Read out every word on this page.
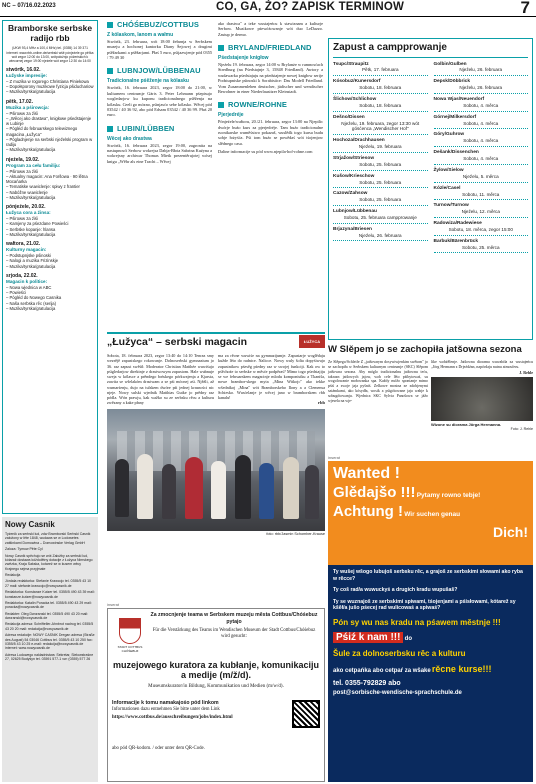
NC – 07/16.02.2023	CO, GA, ŹO? ZAPISK TERMINOW	7
Bramborske serbske radijo rbb
(UKW 93,4 MHz a 100,4 MHz) tel. (0355) 14 39 371
internet: www.rbb-online.de/serbski wšě pónjeźele go pěťka wót zegor 12:00 do 13:00, wótpołožnjo póžeńskich k wiecornej zegor 19:00 njeźele wót zegor 12:30 do 14:00
stwórtk, 16.02.
Łužyske impresije:
– Z muzika w rogorego Christiana Piniekowa
– Dopołsporony muzikowe fyzicja pśiduchariow
– Muzika/tyrska/gratulacija
pětk, 17.02.
Muzika a pśirowcja:
– Pśiroww za źiśi
– „Wěcej ako drastwa", knigłowe pśedstajenje w Lubinje
– Pógléd do februarskego telewiznego magacina „Łužyca"
– Pógladnjenje na serbski njeźelski program w radiju
– Muzika/tyrska/gratulacija
njeźela, 19.02.
Program za cełu familiju:
– Pśiroww za źiśi
– Aktualny magacin: Ana Foršowa · 90 lětna Mocańarka
– Tematiske wuwiclenje: spiwy z frantier
– Nabóžne wuwiclenje
– Muzika/tyrska/gratulacija
pónjeźele, 20.02.
Łužyca cora a źinsa:
– Pśiroww za źiśi
– Kamjeny za pśezdane Powieści
– Serbske kopanje: hlansa
– Muzika/tyrska/gratulacija
wałtora, 21.02.
Kulturny magacin:
– Podstupnjske pśinoski
– Nalogi a muzika Frizinskje
– Muzika/tyrska/gratulacija
srjoda, 22.02.
Magacin k politice:
– Nowa wjednica w ABC
– Powieści
– Pógléd do Nowego Casnika
– Naša serbska rěc (serija)
– Muzika/tyrska/gratulacija
Nowy Casnik
Tyźenik za serbski lud, zdw Bramborski Serbski Casnik załožony w lěte 1848, wudawa se w Lodowetes zatšinkami Domowina – Domowinske Verlag GmbH
Zaloza: Tymow Pěte Cyl
Nowy Casnik spěchujo se wót Załožby za serbski lud, kótaraž dostawa kóždolětny dotacije z Łužyca Nimskego zwězka, Kraja Sakska, kotarež se w kusem wěcy Krajnego sejma przyjmate
Redakcija
Jórdala redaktorka: Stefanie Krawcojc tel. 0355/5 43 10 27 mail: stefanie.krawcojc@nowycasnik.de
Redaktorka: Konstanze Kutzer tel. 0355/5 490 43 39 mail: konstanze.kutzer@nowycasnik.de
Redaktorka: Katalin Poracka tel. 0355/5 490 43 29 mail: poracka@nowycasnik.de
Redakter: Oleg Dworanski tel. 0355/5 490 43 20 mail: dworanski@nowycasnik.de
Redakcija adresa: Schrifteller-Ahnbrot nadrog tel. 0355/5 43 20 20 mail: redakcija@nowycasnik.de
Adresa redakcije: NOWY CASNIK Dregan adresa (Straße des August) 54 03046 Cottbus tel. 0355/5 43 10 250 fax: 0355/5 43 10 25 e-mail: redakcija@nowycasnik.de internet: www.nowycasnik.de
Adresa Ludowego nakładnistwa: Sekretar, Sielowstrašne 27, 02625 Budyšyn tel. 03591 577-1 vw: (0355) 577 26
CHÓŚEBUZ/COTTBUS
Z kólaskom, lanom a wałmu

Stwórtk, 23. februara, wót 18:00 žełarnja w Serbskem muzeju a hochonej kantorku Diany Šejowej a drugimi pśěžarkami a pśěžarjami. Płaś 5 euro, pśijazwjenje pód 0355 / 79 49 30

LUBNJOW/LÜBBENAU
Tradicionalne pśěženje na kólasku

Stwórtk, 16. februara 2023, zegor 18:00 do 21:00, w kulturnem centrumje Gäris 3. Peter Lehmann pśepisujo wogledarjow ku kuponu tradicionalnego pśěženja na kólasku. Ceeli go mózno, pśinjasćo sebe kólasko. Wěcej pód 03542 / 40 36 92, abo pód Edsam 03542 / 40 36 99. Płaś 20 euro.

LUBIN/LÜBBEN
Wěcej ako drastwa

Stwórtk, 16. februara 2023, zegor 19:00, zagronita na nastupnosći Serbow wokrejsa Dabja-Błota Sabrina Kuźyna a wokrejsny archiwar Thomas Mietk prezentěrujotej wósej knigu „Wěhr als eine Tracht – Wěcej

ako drastwa" a teke wustajeńcu k stawiznam a kulturje Serbow. Muzikowe pśewóźowanje wót duo LeDazzo. Zastup je dermo.

BRYLAND/FRIEDLAND
Pśedstajenje knigłow

Njeźelu 19. februara, zegor 14:00 w Brylanże w rumnosćach Stredburg (na Pśedstajnje 3, 15848 Friedland). Awtory a wudawarka pśedstajuju na pśedstajenje nowej knigłow serije Podstupniske pśinoski k Sorabistice: Das Modell Friedland. Vom Zusammenleben deutscher, jüdischer und wendischer Bewohner in einer Niederlausitzer Kleinstadt.

ROWNE/ROHNE
Pjerjedréje

Pónjeźele/wałtoru, 20./21. februara, zegor 13:00 na Njepilic dwórje buźo kurs za pjerjedréje. Tam buźo tradicionalne rucnikarske wuměśstwo pokazaš, wuslědk togo kursa budu sobje łożyśća. Pśi tom buźo se powědaś wót tśojenjow slědnego casa.

Daline informacije su pód www.njepila-hof-rohne.com

„Łužyca“ – serbski magacin	ŁUŽYCA

Sobota, 18. februara 2023, zegor 13:40 do 14:10 Tenraz smy wezrějě zapustskego rokowanje. Dolnoserbski gymnazium jo 36. raz zapust swěśił. Moderator Christian Matthée wuwiśujo pśigledarjow direktnje z drastwowym zapustom. Hale wubnuje sweja w kólasce a prěndego łońskego pórkwajenja a Kjarsta, zawita se wšelakóm drastwam a se pśi mócnej aśi. Njěźli, až wumarśenju, dujo na tulskem dwóre pśi jednej krasności nic njeje. Nowy sulski wjednik Matthias Gutke jo prědny raz pódla. Wón prawju, kak wažko su ze serbsku rěcu a kulturu zwězany a kake płany

ma za rěcne wuwiśe na gymnazijumje. Zapustarje woglědaju kužde lěto do radnice. Nalicce. Nowy wuly šolta dopyśiwujo zapustnikow pśesěg pśedny raz w swojej funkciji. Kak ow to pśěchoźe to serbske w měsće podpěraś? Mimo togo pśedstajiju se we februarskem magacinje mlodu komponistku a Tkaniša, nowe brambor-skego myta „Mina Witkojc" ako tekke wšedníkoj „Mina" wót Bramborskeho Ilony a a Clemensa Schiesko. Wusćelanje je wěcej jano w bramborskem rbb kanalu!

rbb
foto: rbb/Jasmin Schomber-Krause
Zapust a campprowanje
Tsupc/Straupitz
Pětk, 17. februara
Kósobuz/Kunersdorf
Sobotu, 18. februara
Šlichow/Schlichow
Sobotu, 18. februara
Dešno/Dissen
Njeźelu, 19. februara, zegor 13:30 wót gósćenca „Wendischer Hof"
Hochoza/Drachhausen
Njeźelu, 19. februara
Strjažow/Striesow
Sobotu, 25. februara
Kušow/Krieschow
Sobotu, 25. februara
Cazow/Zahsow
Sobotu, 25. februara
Lubnjow/Lübbenau
Sobotu, 25. februara campprowanje
Brjazyna/Briesen
Njeźelu, 26. februara
Golbin/Gulben
Njeźelu, 26. februara
Depsk/Döbbrick
Njeźelu, 26. februara
Nowa Wjas/Neuendorf
Sobotu, 4. měrca
Górnej/Milkersdorf
Sobotu, 4. měrca
Góry/Guhrow
Sobotu, 4. měrca
Dešank/Dissenchen
Sobotu, 4. měrca
Žylow/Sielow
Njeźelu, 5. měrca
Kózle/Casel
Sobotu, 11. měrca
Turnow/Turnow
Njeźelu, 12. měrca
Radowiza/Radewiese
Sobotu, 18. měrca, zegor 15:00
Barbuk/Bärenbrück
Sobotu, 25. měrca
W Slěpem jo se zachopiła jatšowna sezona

Ze Slěpego/Schleife Z „jatšownym dosywiwjenkim swětom" jo se zachopiła w Serbskem kulturnym centrumje (SKC) Slěpom jatšowna sezona. Aby móglo tradicionalnu jatšownu teću, takrazn jatšowych jajow, wob cele lěto pśibytowaś, su wogolowanie mołowanka spa. Každy móžo spontanje mimo pśiś a swoje jaja pyšniś. Zelkowe mostna ze zdobjenymi sztámkami, ako kósydła, wosik a pśigótowane jaja wabje k sobugótowanju. Wjednica SKC Sylvia Panošowa se jážo wjesela na wje-

like wobźělenje. Jatšowna diorama wuwabiła za wustajeńcu „Jörg Hermann z Drjeźdźan, napórdaju nutnu atmosferu.

J. Rehle
Wizone su diorama Jörga Hermanna.
Foto: J. Rehle
inserat
STADT COTTBUS CHÓŚEBUZ
Za zmocnjenje teama w Serbskem muzeju města Cottbus/Chóśebuz pytajo
Für die Verstärkung des Teams im Wendischen Museum der Stadt Cottbus/Chóśebuz wird gesucht:
muzejowego kuratora za kubłanje, komunikaciju a medije (m/ž/d).
Museumskurator/in Bildung, Kommunikation und Medien (m/w/d).
Informacije k tomu namakajośo pód linkom
Informationen dazu entnehmen Sie bitte unter dem Link
https://www.cottbus.de/ausschreibungen/jobs/index.html
abo pód QR-kodom. / oder unter dem QR-Code.
inserat
Wanted !
Glědajšo !!! Pytamy rowno tebje!
Achtung ! Wir suchen genau
Dich!
Ty wušej wšogo lubujoš serbsku rěc, a grajoš ze serbskimi słowami ako ryba w rěcce?
Ty coš rad/a wuwuckyś a drugich kradu wupušaš?
Ty se wuznajoš ze serbskimi spiwami, tśojenjami a pśisłowami, kótarež sy kšěł/a jušo pśecej rad wulicowaś a spiwaś?
Pón sy wu nas kradu na pśawem městnje !!!
Pśiź k nam !!! do
Šule za dolnoserbsku rěc a kulturu
ako cetpańka abo cetpaŕ za wšake rěcne kurse!!!
tel. 0355-792829 abo
post@sorbische-wendische-sprachschule.de
